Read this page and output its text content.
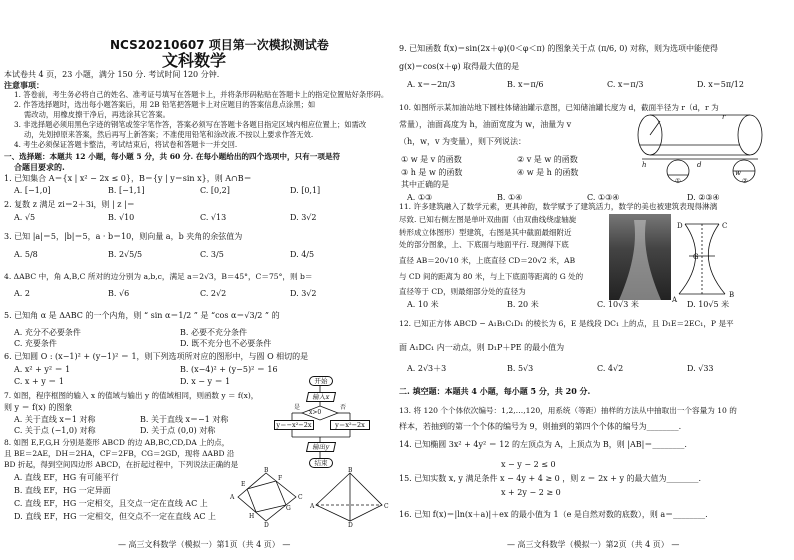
NCS20210607 项目第一次模拟测试卷
文科数学
本试卷共 4 页，23 小题，满分 150 分. 考试时间 120 分钟.
注意事项：
1. 答卷前，考生务必将自己的姓名、准考证号填写在答题卡上，并将条形码粘贴在答题卡上的指定位置贴好条形码。
2. 作答选择题时，选出每小题答案后，用 2B 铅笔把答题卡上对应题目的答案信息点涂黑；如
需改动，用橡皮擦干净后，再选涂其它答案。
3. 非选择题必须用黑色字迹的钢笔或签字笔作答，答案必须写在答题卡各题目指定区域内相应位置上；如需改
动，先划掉原来答案，然后再写上新答案；不准使用铅笔和涂改液.不按以上要求作答无效.
4. 考生必须保证答题卡整洁，考试结束后，将试卷和答题卡一并交回.
一、选择题：本题共 12 小题，每小题 5 分，共 60 分. 在每小题给出的四个选项中，只有一项是符
合题目要求的.
1. 已知集合 A＝{x | x² − 2x ≤ 0}，B＝{y | y＝sin x}，则 A∩B＝
A. [−1,0]	B. [−1,1]	C. [0,2]	D. [0,1]
2. 复数 z 满足 zi＝2＋3i，则 | z |＝
A. √5	B. √10	C. √13	D. 3√2
3. 已知 |a|＝5，|b|＝5，a · b＝10，则向量 a，b 夹角的余弦值为
A. 5/8	B. 2√5/5	C. 3/5	D. 4/5
4. ΔABC 中，角 A,B,C 所对的边分别为 a,b,c，满足 a＝2√3，B＝45°，C＝75°，则 b＝
A. 2	B. √6	C. 2√2	D. 3√2
5. 已知角 α 是 ΔABC 的一个内角，则 “ sin α＝1/2 ” 是 “cos α＝√3/2 ” 的
A. 充分不必要条件	B. 必要不充分条件
C. 充要条件	D. 既不充分也不必要条件
6. 已知圆 O : (x−1)² + (y−1)² ＝ 1，则下列选项所对应的图形中，与圆 O 相切的是
A. x² + y² ＝ 1	B. (x−4)² + (y−5)² ＝ 16
C. x + y ＝ 1	D. x − y ＝ 1
7. 如图，程序框图的输入 x 的值域与输出 y 的值域相同，则函数 y ＝ f(x)，
则 y ＝ f(x) 的图象
A. 关于直线 x＝1 对称	B. 关于直线 x＝−1 对称
C. 关于点 (−1,0) 对称	D. 关于点 (0,0) 对称
8. 如图 E,F,G,H 分别是菱形 ABCD 的边 AB,BC,CD,DA 上的点，
且 BE＝2AE，DH＝2HA，CF＝2FB，CG＝2GD，现将 ΔABD 沿
BD 折起，得到空间四边形 ABCD，在折起过程中，下列说法正确的是
A. 直线 EF，HG 有可能平行
B. 直线 EF，HG 一定异面
C. 直线 EF，HG 一定相交，且交点一定在直线 AC 上
D. 直线 EF，HG 一定相交，但交点不一定在直线 AC 上
开始
输入x
x>0
是	否
y＝−x²−2x	y＝x²−2x
输出y
结束
A
B
C
D
E
F
G
H
A
B
C
D
— 高三文科数学（模拟一）第1页（共 4 页） —
9. 已知函数 f(x)＝sin(2x＋φ)(0＜φ＜π) 的图象关于点 (π/6, 0) 对称，则为选项中能使得
g(x)＝cos(x＋φ) 取得最大值的是
A. x＝−2π/3	B. x＝π/6	C. x＝π/3	D. x＝5π/12
10. 如图所示某加油站地下圆柱体储油罐示意图，已知储油罐长度为 d，截面半径为 r（d，r 为
常量），油面高度为 h，油面宽度为 w，油量为 v
（h，w，v 为变量），则下列说法：
① w 是 v 的函数	② v 是 w 的函数
③ h 是 w 的函数	④ w 是 h 的函数
其中正确的是
A. ①③	B. ①④	C. ①③④	D. ②③④
r
d
h
w
①	②
11. 许多建筑融入了数学元素，更具神韵，数学赋予了建筑活力，数学的美也被建筑表现得淋漓
尽致. 已知右侧左图是单叶双曲面（由双曲线绕虚轴旋
转形成立体图形）型建筑，右图是其中截面最细附近
处的部分图象，上、下底面与地面平行. 现测得下底
直径 AB＝20√10 米，上底直径 CD＝20√2 米，AB
与 CD 间的距离为 80 米，与上下底面等距离的 G 处的
直径等于 CD，则最细部分处的直径为
A. 10 米	B. 20 米	C. 10√3 米	D. 10√5 米
D	C
G
A
B
12. 已知正方体 ABCD − A₁B₁C₁D₁ 的棱长为 6，E 是线段 DC₁ 上的点，且 D₁E＝2EC₁，P 是平
面 A₁DC₁ 内一动点，则 D₁P＋PE 的最小值为
A. 2√3＋3	B. 5√3	C. 4√2	D. √33
二. 填空题：本题共 4 小题，每小题 5 分，共 20 分.
13. 将 120 个个体依次编号：1,2,…,120，用系统（等距）抽样的方法从中抽取出一个容量为 10 的
样本，若抽到的第一个个体的编号为 9，则抽到的第四个个体的编号为________.
14. 已知椭圆 3x² + 4y² ＝ 12 的左顶点为 A，上顶点为 B，则 |AB|＝________.
x − y − 2 ≤ 0
15. 已知实数 x, y 满足条件 x − 4y + 4 ≥ 0 ，则 z ＝ 2x + y 的最大值为________.
x + 2y − 2 ≥ 0
16. 已知 f(x)＝|ln(x＋a)|＋ex 的最小值为 1（e 是自然对数的底数），则 a＝________.
— 高三文科数学（模拟一）第2页（共 4 页） —
